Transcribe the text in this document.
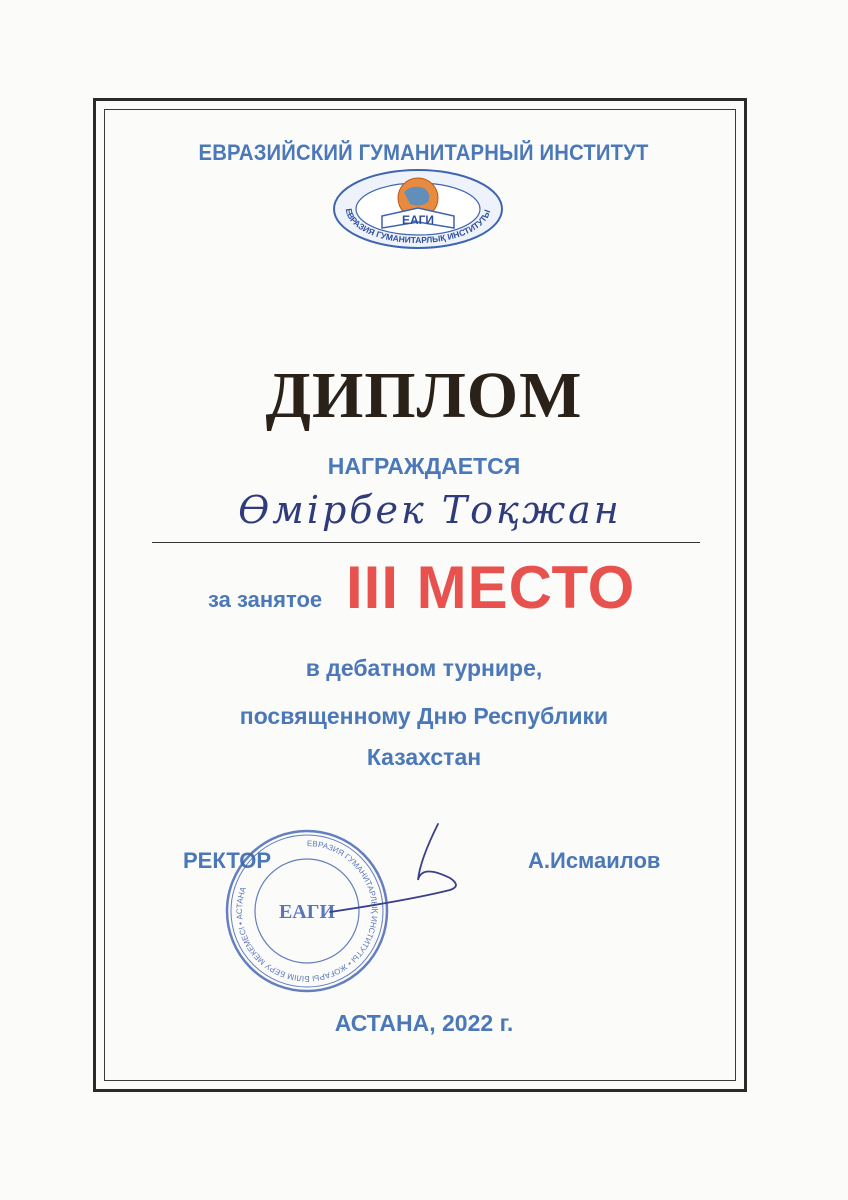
ЕВРАЗИЙСКИЙ ГУМАНИТАРНЫЙ ИНСТИТУТ
ЕВРАЗИЯ ГУМАНИТАРЛЫҚ ИНСТИТУТЫ
ЕАГИ
ДИПЛОМ
НАГРАЖДАЕТСЯ
Өмірбек Тоқжан
за занятое III МЕСТО
в дебатном турнире,
посвященному Дню Республики
Казахстан
РЕКТОР	А.Исмаилов
ЕВРАЗИЯ ГУМАНИТАРЛЫҚ ИНСТИТУТЫ • ЖОҒАРЫ БІЛІМ БЕРУ МЕКЕМЕСІ • АСТАНА
ЕАГИ
АСТАНА, 2022 г.
